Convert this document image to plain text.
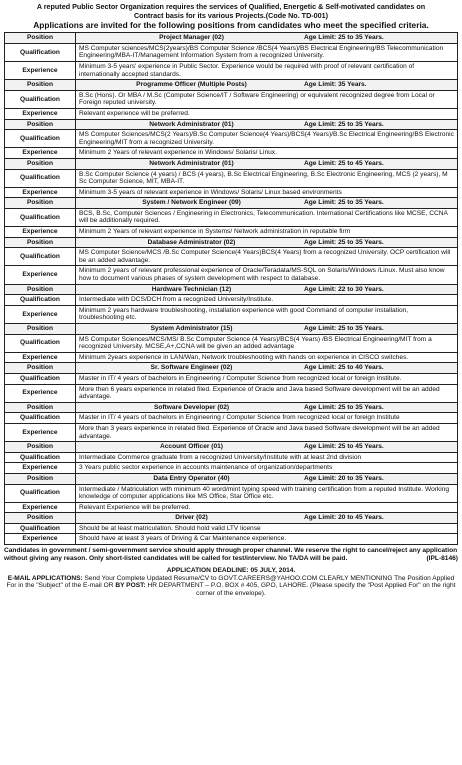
A reputed Public Sector Organization requires the services of Qualified, Energetic & Self-motivated candidates on
Contract basis for its various Projects.(Code No. TD-001)
Applications are invited for the following positions from candidates who meet the specified criteria.
Position	Project Manager (02) Age Limit: 25 to 35 Years.

Qualification	MS Computer sciences/MCS(2years)/BS Computer Science /BCS(4 Years)/BS Electrical Engineering/BS Telecommunication Engineering/MBA-IT/Management Information System from a recognized University.
Experience	Minimum 3-5 years' experience in Public Sector. Experience would be required with proof of relevant certification of internationally accepted standards.
Position	Programme Officer (Multiple Posts) Age Limit: 35 Years.

Qualification	B.Sc (Hons). Or MBA / M.Sc (Computer Science/IT / Software Engineering) or equivalent recognized degree from Local or Foreign reputed university.
Experience	Relevant experience will be preferred.
Position	Network Administrator (01) Age Limit: 25 to 35 Years.

Qualification	MS Computer Sciences/MCS(2 Years)/B.Sc Computer Science(4 Years)/BCS(4 Years)/B.Sc Electrical Engineering/BS Electronic Engineering/MIT from a recognized University.
Experience	Minimum 2 Years of relevant experience in Windows/ Solaris/ Linux.
Position	Network Administrator (01) Age Limit: 25 to 45 Years.

Qualification	B.Sc Computer Science (4 years) / BCS (4 years), B.Sc Electrical Engineering, B.Sc Electronic Engineering, MCS (2 years), M Sc Computer Science, MIT, MBA-IT.
Experience	Minimum 3-5 years of relevant experience in Windows/ Solaris/ Linux based environments
Position	System / Network Engineer (09) Age Limit: 25 to 35 Years.

Qualification	BCS, B.Sc, Computer Sciences / Engineering in Electronics, Telecommunication. International Certifications like MCSE, CCNA will be additionally required.
Experience	Minimum 2 Years of relevant experience in Systems/ Network administration in reputable firm
Position	Database Administrator (02) Age Limit: 25 to 35 Years.

Qualification	MS Computer Science/MCS /B.Sc Computer Science(4 Years)BCS(4 Years) from a recognized University. OCP certification will be an added advantage.
Experience	Minimum 2 years of relevant professional experience of Oracle/Teradata/MS-SQL on Solaris/Windows /Linux. Must also know how to document various phases of system development with respect to database.
Position	Hardware Technician (12) Age Limit: 22 to 30 Years.

Qualification	Intermediate with DCS/DCH from a recognized University/Institute.
Experience	Minimum 2 years hardware troubleshooting, installation experience with good Command of computer installation, troubleshooting etc.
Position	System Administrator (15) Age Limit: 25 to 35 Years.

Qualification	MS Computer Sciences/MCS/MS/ B.Sc Computer Science (4 Years)/BCS(4 Years) /BS Electrical Engineering/MIT from a recognized University. MCSE,A+,CCNA will be given an added advantage
Experience	Minimum 2years experience in LAN/Wan, Network troubleshooting with hands on experience in CISCO switches.
Position	Sr. Software Engineer (02) Age Limit: 25 to 40 Years.

Qualification	Master in IT/ 4 years of bachelors in Engineering / Computer Science from recognized local or foreign Institute.
Experience	More then 6 years experience in related filed. Experience of Oracle and Java based Software development will be an added advantage.
Position	Software Developer (02) Age Limit: 25 to 35 Years.

Qualification	Master in IT/ 4 years of bachelors in Engineering / Computer Science from recognized local or foreign Institute
Experience	More than 3 years experience in related filed. Experience of Oracle and Java based Software development will be an added advantage.
Position	Account Officer (01) Age Limit: 25 to 45 Years.

Qualification	Intermediate Commerce graduate from a recognized University/Institute with at least 2nd division
Experience	3 Years public sector experience in accounts maintenance of organization/departments
Position	Data Entry Operator (40) Age Limit: 20 to 35 Years.

Qualification	Intermediate / Matriculation with minimum 40 word/mint typing speed with training certification from a reputed Institute. Working knowledge of computer applications like MS Office, Star Office etc.
Experience	Relevant Experience will be preferred.
Position	Driver (02) Age Limit: 20 to 45 Years.

Qualification	Should be at least matriculation. Should hold valid LTV license
Experience	Should have at least 3 years of Driving & Car Maintenance experience.
Candidates in government / semi-government service should apply through proper channel. We reserve the right to cancel/reject any application without giving any reason. Only short-listed candidates will be called for test/interview. No TA/DA will be paid.	(IPL-8146)
APPLICATION DEADLINE: 05 JULY, 2014.
E-MAIL APPLICATIONS: Send Your Complete Updated Resume/CV to GOVT.CAREERS@YAHOO.COM CLEARLY MENTIONING The Position Applied For in the "Subject" of the E-mail OR BY POST: HR DEPARTMENT – P.O. BOX # 405, GPO, LAHORE. (Please specify the "Post Applied For" on the right corner of the envelope).
